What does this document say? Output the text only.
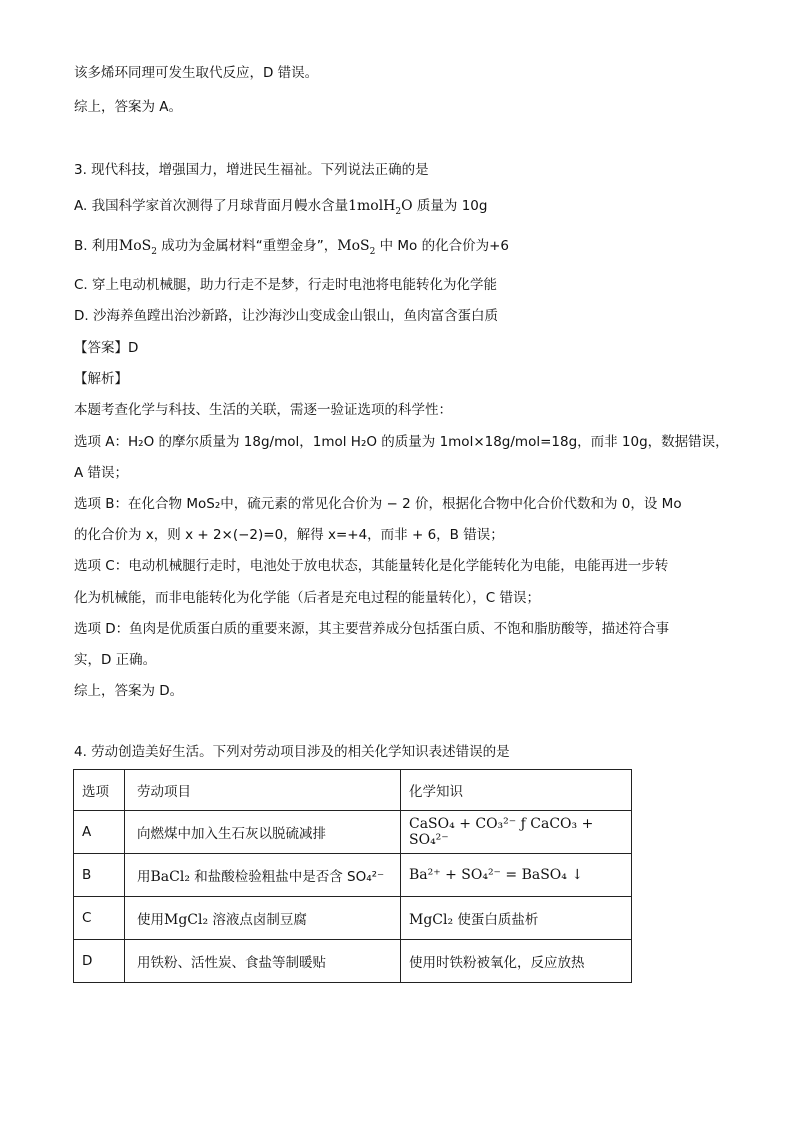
该多烯环同理可发生取代反应，D 错误。
综上，答案为 A。
3. 现代科技，增强国力，增进民生福祉。下列说法正确的是
A. 我国科学家首次测得了月球背面月幔水含量1molH$_2$O 质量为 10g
B. 利用MoS$_2$ 成功为金属材料“重塑金身”，MoS$_2$ 中 Mo 的化合价为+6
C. 穿上电动机械腿，助力行走不是梦，行走时电池将电能转化为化学能
D. 沙海养鱼蹚出治沙新路，让沙海沙山变成金山银山，鱼肉富含蛋白质
【答案】D
【解析】
本题考查化学与科技、生活的关联，需逐一验证选项的科学性：
选项 A：H₂O 的摩尔质量为 18g/mol，1mol H₂O 的质量为 1mol×18g/mol=18g，而非 10g，数据错误，
A 错误；
选项 B：在化合物 MoS₂中，硫元素的常见化合价为 − 2 价，根据化合物中化合价代数和为 0，设 Mo
的化合价为 x，则 x + 2×(−2)=0，解得 x=+4，而非 + 6，B 错误；
选项 C：电动机械腿行走时，电池处于放电状态，其能量转化是化学能转化为电能，电能再进一步转
化为机械能，而非电能转化为化学能（后者是充电过程的能量转化），C 错误；
选项 D：鱼肉是优质蛋白质的重要来源，其主要营养成分包括蛋白质、不饱和脂肪酸等，描述符合事
实，D 正确。
综上，答案为 D。
4. 劳动创造美好生活。下列对劳动项目涉及的相关化学知识表述错误的是
选项	劳动项目	化学知识
A	向燃煤中加入生石灰以脱硫减排	CaSO₄ + CO₃²⁻ ƒ CaCO₃ + SO₄²⁻
B	用BaCl₂ 和盐酸检验粗盐中是否含 SO₄²⁻	Ba²⁺ + SO₄²⁻ = BaSO₄ ↓
C	使用MgCl₂ 溶液点卤制豆腐	MgCl₂ 使蛋白质盐析
D	用铁粉、活性炭、食盐等制暖贴	使用时铁粉被氧化，反应放热
